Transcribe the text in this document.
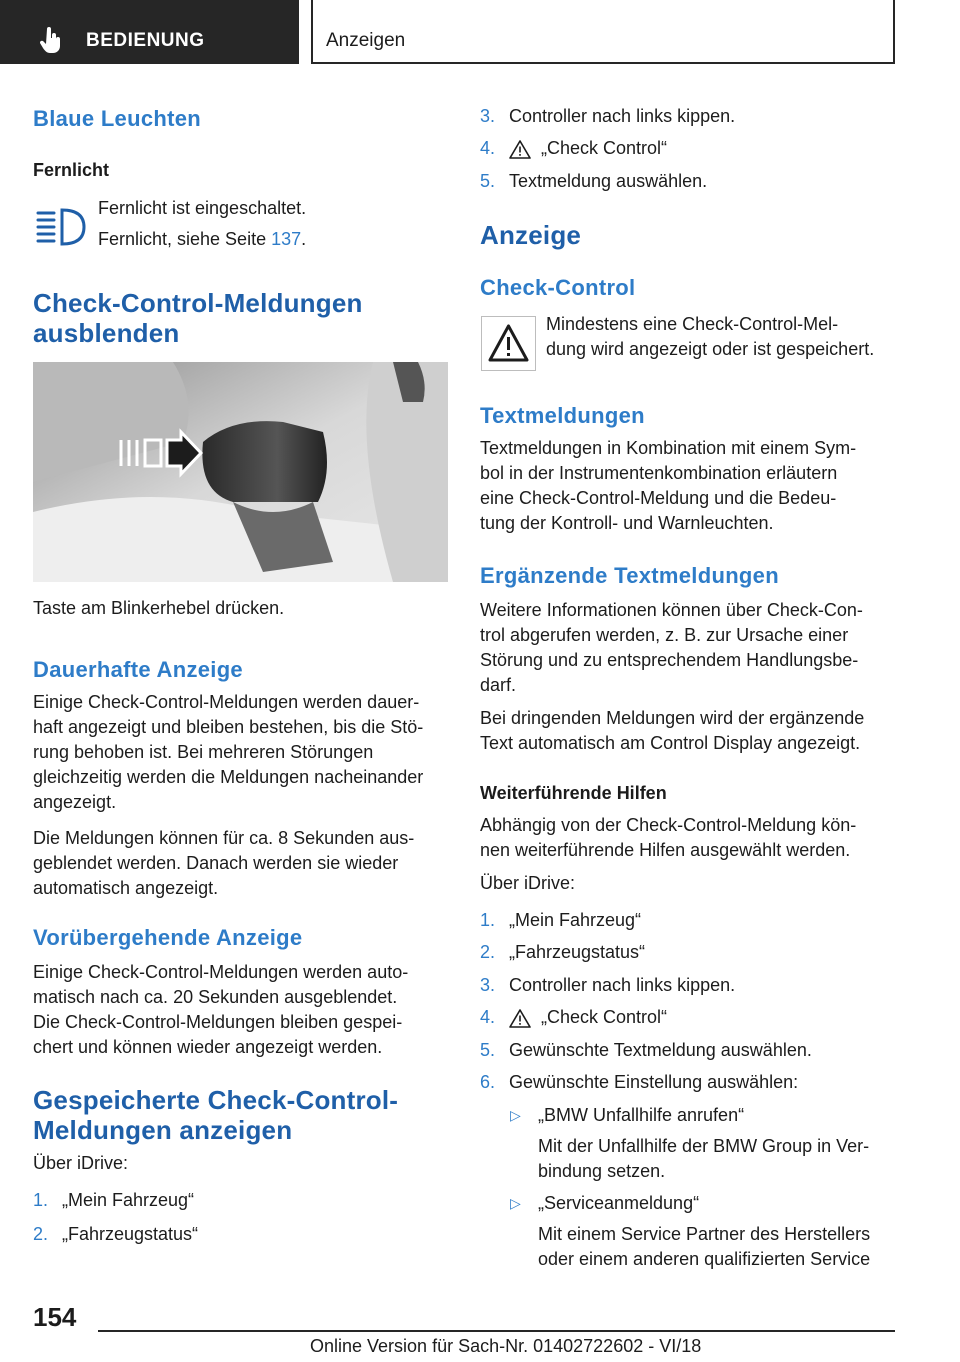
BEDIENUNG	Anzeigen
Blaue Leuchten
Fernlicht
Fernlicht ist eingeschaltet.
Fernlicht, siehe Seite 137.
Check-Control-Meldungen
ausblenden
Taste am Blinkerhebel drücken.
Dauerhafte Anzeige
Einige Check-Control-Meldungen werden dauer‐
haft angezeigt und bleiben bestehen, bis die Stö‐
rung behoben ist. Bei mehreren Störungen
gleichzeitig werden die Meldungen nacheinander
angezeigt.
Die Meldungen können für ca. 8 Sekunden aus‐
geblendet werden. Danach werden sie wieder
automatisch angezeigt.
Vorübergehende Anzeige
Einige Check-Control-Meldungen werden auto‐
matisch nach ca. 20 Sekunden ausgeblendet.
Die Check-Control-Meldungen bleiben gespei‐
chert und können wieder angezeigt werden.
Gespeicherte Check-Control-
Meldungen anzeigen
Über iDrive:
1. „Mein Fahrzeug“
2. „Fahrzeugstatus“
3. Controller nach links kippen.
4.	„Check Control“
5. Textmeldung auswählen.
Anzeige
Check-Control
Mindestens eine Check-Control-Mel‐
dung wird angezeigt oder ist gespeichert.
Textmeldungen
Textmeldungen in Kombination mit einem Sym‐
bol in der Instrumentenkombination erläutern
eine Check-Control-Meldung und die Bedeu‐
tung der Kontroll- und Warnleuchten.
Ergänzende Textmeldungen
Weitere Informationen können über Check-Con‐
trol abgerufen werden, z. B. zur Ursache einer
Störung und zu entsprechendem Handlungsbe‐
darf.
Bei dringenden Meldungen wird der ergänzende
Text automatisch am Control Display angezeigt.
Weiterführende Hilfen
Abhängig von der Check-Control-Meldung kön‐
nen weiterführende Hilfen ausgewählt werden.
Über iDrive:
1. „Mein Fahrzeug“
2. „Fahrzeugstatus“
3. Controller nach links kippen.
4.	„Check Control“
5. Gewünschte Textmeldung auswählen.
6. Gewünschte Einstellung auswählen:
▷ „BMW Unfallhilfe anrufen“
Mit der Unfallhilfe der BMW Group in Ver‐
bindung setzen.
▷ „Serviceanmeldung“
Mit einem Service Partner des Herstellers
oder einem anderen qualifizierten Service
154
Online Version für Sach-Nr. 01402722602 - VI/18
